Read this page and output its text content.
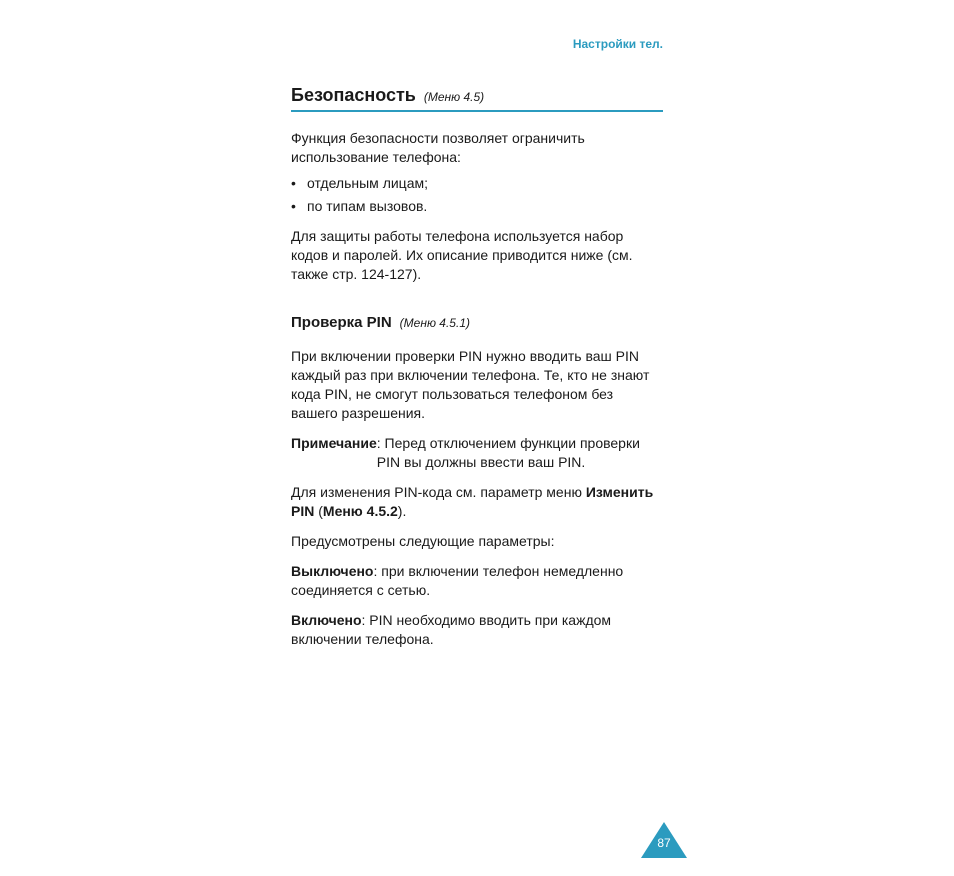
Настройки тел.
Безопасность (Меню 4.5)

Функция безопасности позволяет ограничить использование телефона:

• отдельным лицам;
• по типам вызовов.

Для защиты работы телефона используется набор кодов и паролей. Их описание приводится ниже (см. также стр. 124-127).

Проверка PIN (Меню 4.5.1)

При включении проверки PIN нужно вводить ваш PIN каждый раз при включении телефона. Те, кто не знают кода PIN, не смогут пользоваться телефоном без вашего разрешения.

Примечание : Перед отключением функции проверки PIN вы должны ввести ваш PIN.

Для изменения PIN-кода см. параметр меню Изменить PIN (Меню 4.5.2).

Предусмотрены следующие параметры:

Выключено: при включении телефон немедленно соединяется с сетью.

Включено: PIN необходимо вводить при каждом включении телефона.

87
